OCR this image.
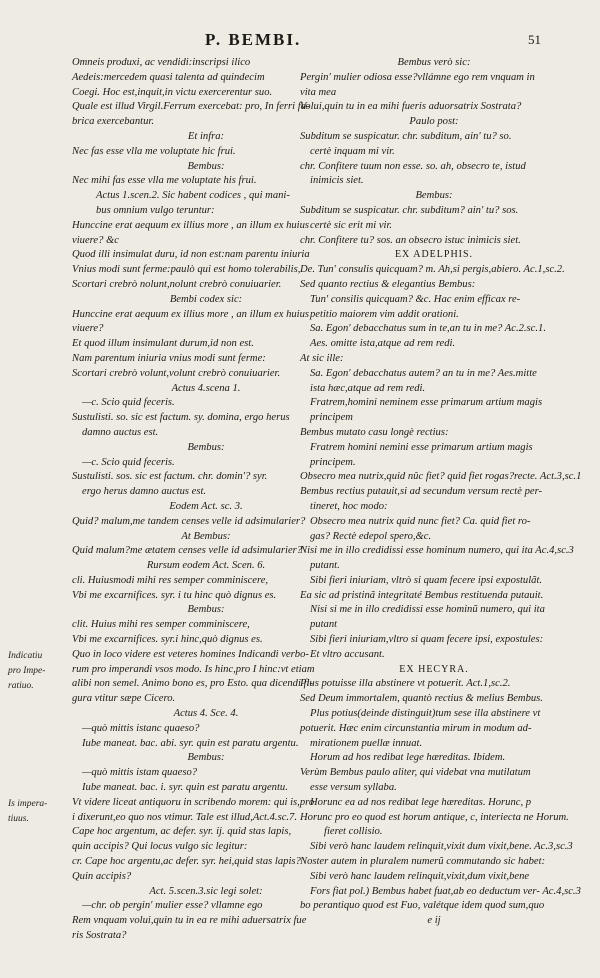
P. BEMBI.	51
Omneis produxi, ac vendidi:inscripsi ilico
Aedeis:mercedem quasi talenta ad quindecim
Coegi. Hoc est,inquit,in victu exercerentur suo.
Quale est illud Virgil.Ferrum exercebat: pro, In ferri fa-
brica exercebantur.
Et infra:
Nec fas esse vlla me voluptate hic frui.
Bembus:
Nec mihi fas esse vlla me voluptate his frui.
Actus 1.scen.2. Sic habent codices , qui mani-
bus omnium vulgo teruntur:
Hunccine erat aequum ex illius more , an illum ex huius
viuere? &c
Quod illi insimulat duru, id non est:nam parentu iniuria
Vnius modi sunt ferme:paulò qui est homo tolerabilis,
Scortari crebrò nolunt,nolunt crebrò conuiuarier.
Bembi codex sic:
Hunccine erat aequum ex illius more , an illum ex huius
viuere?
Et quod illum insimulant durum,id non est.
Nam parentum iniuria vnius modi sunt ferme:
Scortari crebrò volunt,volunt crebrò conuiuarier.
Actus 4.scena 1.
—c. Scio quid feceris.
Sustulisti. so. sic est factum. sy. domina, ergo herus
damno auctus est.
Bembus:
—c. Scio quid feceris.
Sustulisti. sos. sic est factum. chr. domin'? syr.
ergo herus damno auctus est.
Eodem Act. sc. 3.
Quid? malum,me tandem censes velle id adsimularier?
At Bembus:
Quid malum?me ætatem censes velle id adsimularier?
Rursum eodem Act. Scen. 6.
cli. Huiusmodi mihi res semper comminiscere,
Vbi me excarnifices. syr. i tu hinc quò dignus es.
Bembus:
clit. Huius mihi res semper comminiscere,
Vbi me excarnifices. syr.i hinc,quò dignus es.
Quo in loco videre est veteres homines Indicandi verbo-
rum pro imperandi vsos modo. Is hinc,pro I hinc:vt etiam
alibi non semel. Animo bono es, pro Esto. qua dicendi fi-
gura vtitur sæpe Cicero.
Actus 4. Sce. 4.
—quò mittis istanc quaeso?
Iube maneat. bac. abi. syr. quin est paratu argentu.
Bembus:
—quò mittis istam quaeso?
Iube maneat. bac. i. syr. quin est paratu argentu.
Vt videre liceat antiquoru in scribendo morem: qui is,pro
i dixerunt,eo quo nos vtimur. Tale est illud,Act.4.sc.7.
Cape hoc argentum, ac defer. syr. ij. quid stas lapis,
quin accipis? Qui locus vulgo sic legitur:
cr. Cape hoc argentu,ac defer. syr. hei,quid stas lapis?
Quin accipis?
Act. 5.scen.3.sic legi solet:
—chr. ob pergin' mulier esse? vllamne ego
Rem vnquam volui,quin tu in ea re mihi aduersatrix fue
ris Sostrata?
Bembus verò sic:
Pergin' mulier odiosa esse?vllámne ego rem vnquam in
vita mea
Volui,quin tu in ea mihi fueris aduorsatrix Sostrata?
Paulo post:
Subditum se suspicatur. chr. subditum, ain' tu? so.
certè inquam mi vir.
chr. Confitere tuum non esse. so. ah, obsecro te, istud
inimicis siet.
Bembus:
Subditum se suspicatur. chr. subditum? ain' tu? sos.
certè sic erit mi vir.
chr. Confitere tu? sos. an obsecro istuc inimicis siet.
EX ADELPHIS.
De. Tun' consulis quicquam? m. Ah,si pergis,abiero. Ac.1,sc.2.
Sed quanto rectius & elegantius Bembus:
Tun' consilis quicquam? &c. Hac enim efficax re-
petitio maiorem vim addit orationi.
Sa. Egon' debacchatus sum in te,an tu in me? Ac.2.sc.1.
Aes. omitte ista,atque ad rem redi.
At sic ille:
Sa. Egon' debacchatus autem? an tu in me? Aes.mitte
ista hæc,atque ad rem redi.
Fratrem,homini neminem esse primarum artium magis
principem
Bembus mutato casu longè rectius:
Fratrem homini nemini esse primarum artium magis
principem.
Obsecro mea nutrix,quid nûc fiet? quid fiet rogas?recte. Act.3,sc.1
Bembus rectius putauit,si ad secundum versum rectè per-
tineret, hoc modo:
Obsecro mea nutrix quid nunc fiet? Ca. quid fiet ro-
gas? Rectè edepol spero,&c.
Nisi me in illo credidissi esse hominum numero, qui ita Ac.4,sc.3
putant.
Sibi fieri iniuriam, vltrò si quam fecere ipsi expostulãt.
Ea sic ad pristinã integritaté Bembus restituenda putauit.
Nisi si me in illo credidissi esse hominũ numero, qui ita
putant
Sibi fieri iniuriam,vltro si quam fecere ipsi, expostules:
Et vltro accusant.
EX HECYRA.
Plus potuisse illa abstinere vt potuerit. Act.1,sc.2.
Sed Deum immortalem, quantò rectius & melius Bembus.
Plus potius(deinde distinguit)tum sese illa abstinere vt
potuerit. Hæc enim circunstantia mirum in modum ad-
mirationem puellæ innuat.
Horum ad hos redibat lege hæreditas. Ibidem.
Verùm Bembus paulo aliter, qui videbat vna mutilatum
esse versum syllaba.
Horunc ea ad nos redibat lege hæreditas. Horunc, p
Horunc pro eo quod est horum antique, c, interiecta ne Horum.
fieret collisio.
Sibi verò hanc laudem relinquit,vixit dum vixit,bene. Ac.3,sc.3
Noster autem in pluralem numerũ commutando sic habet:
Sibi verò hanc laudem relinquit,vixit,dum vixit,bene
Fors fiat pol.) Bembus habet fuat,ab eo deductum ver- Ac.4,sc.3
bo perantiquo quod est Fuo, valétque idem quod sum,quo
e ij
Indicatiu
pro Impe-
ratiuo.
Is impera-
tiuus.
